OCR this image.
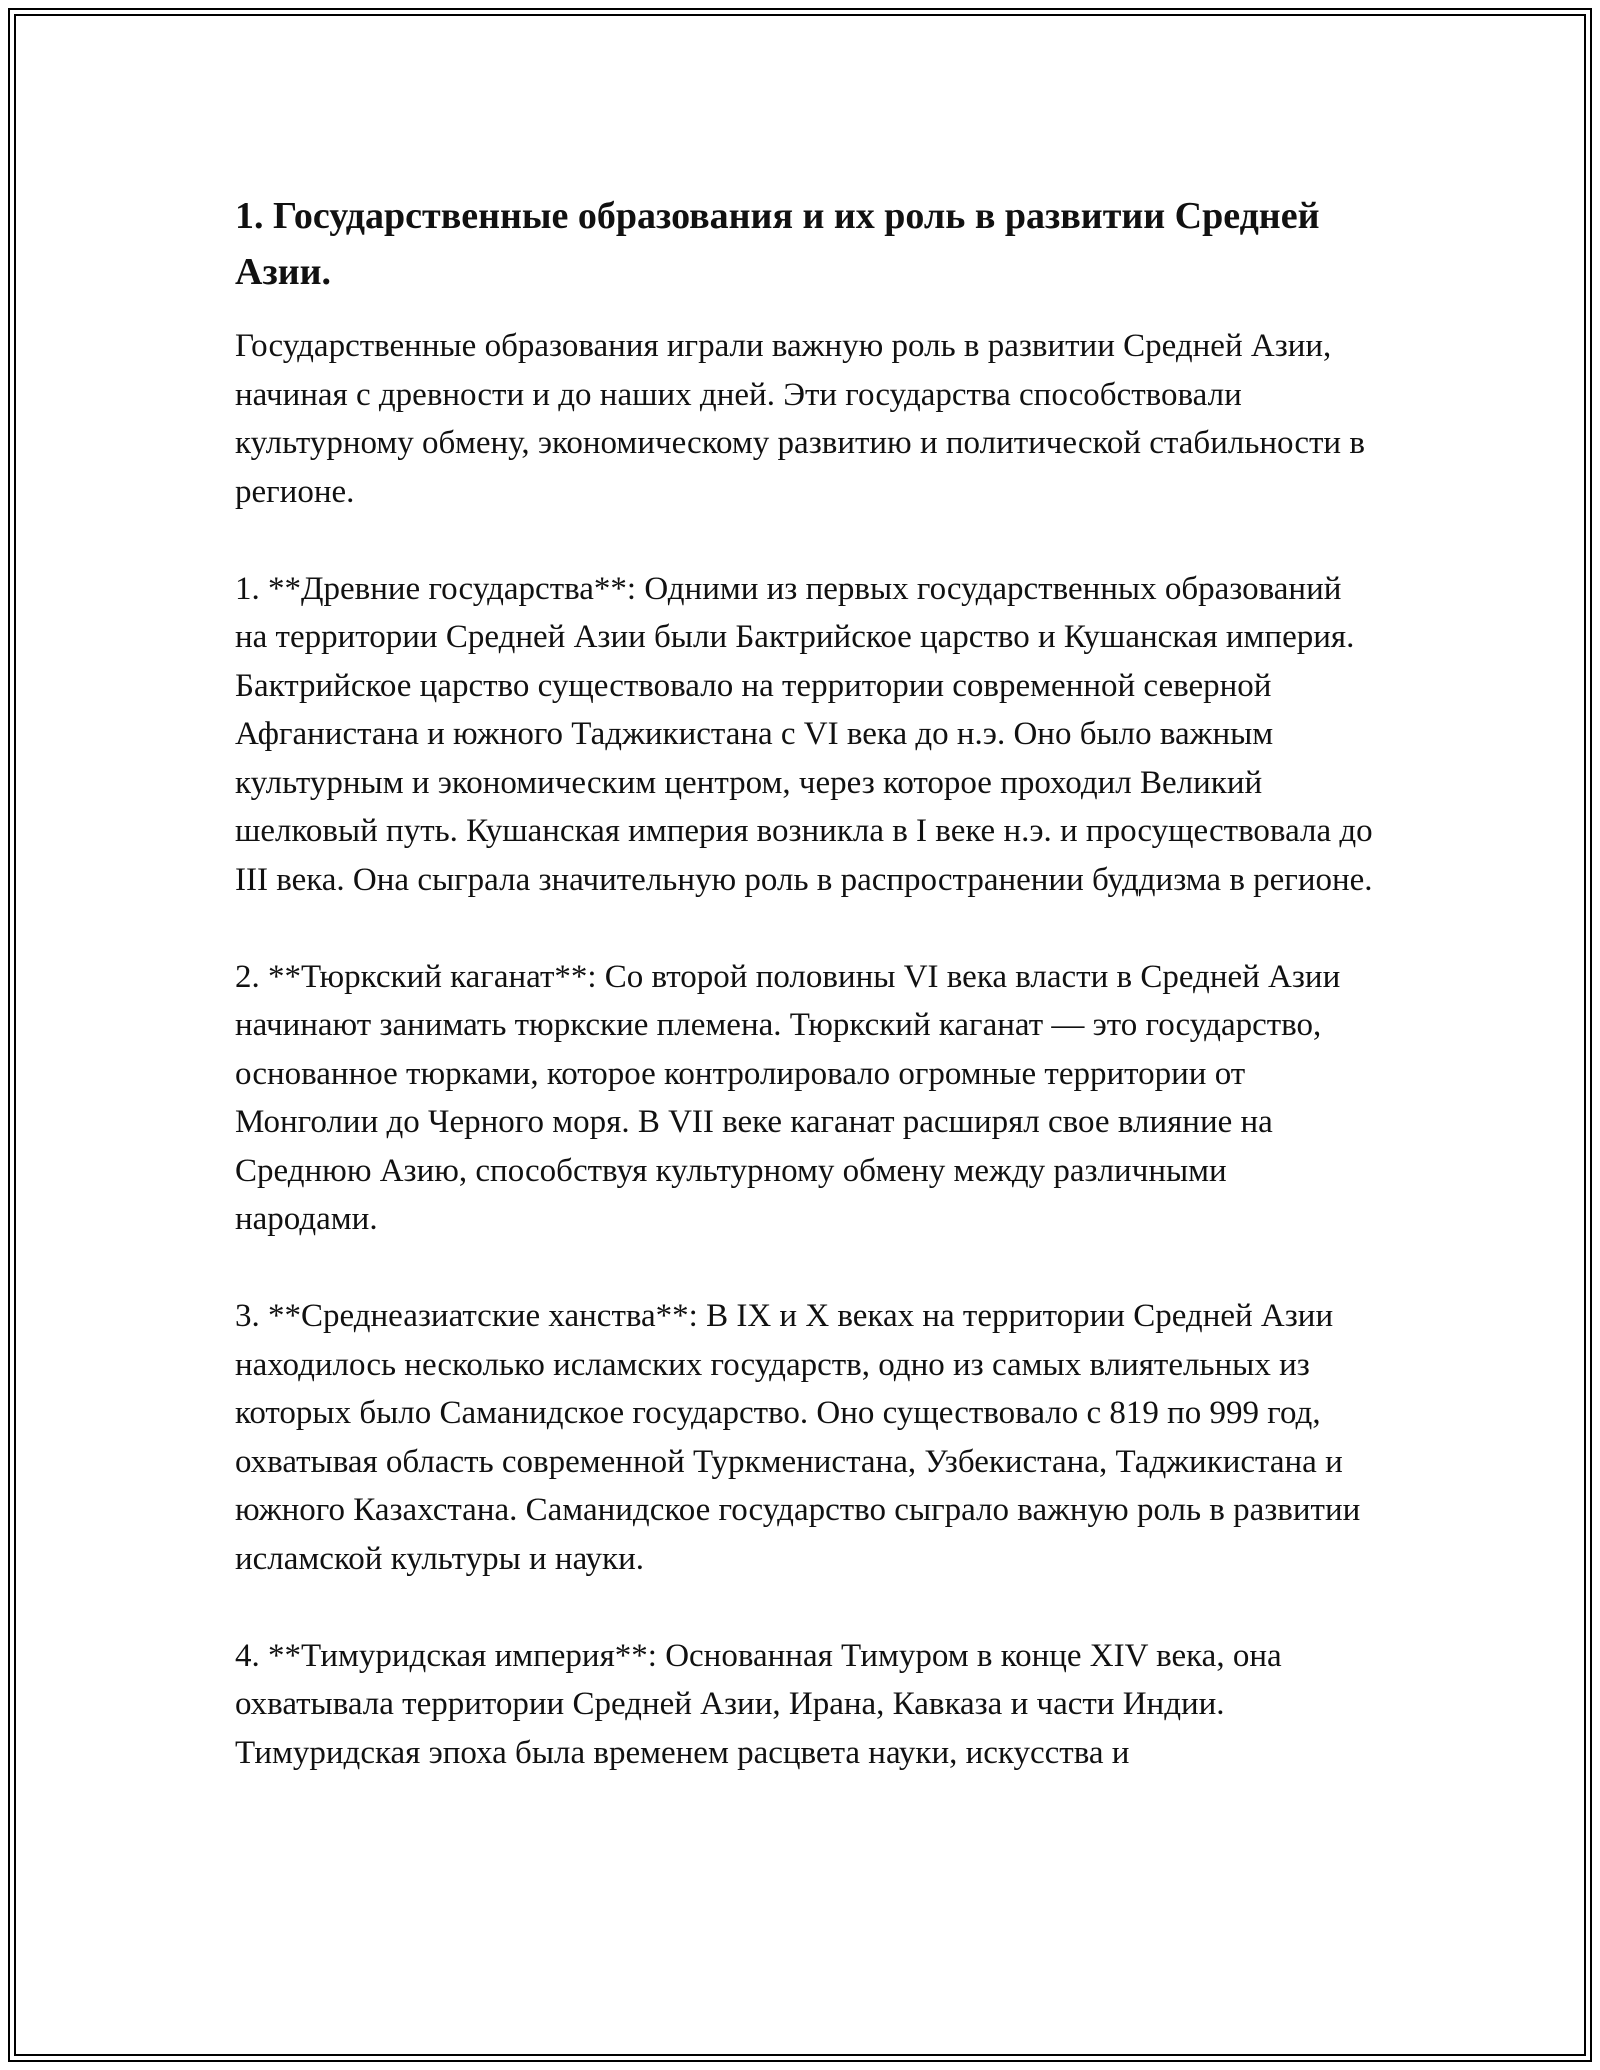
1. Государственные образования и их роль в развитии Средней Азии.

Государственные образования играли важную роль в развитии Средней Азии, начиная с древности и до наших дней. Эти государства способствовали культурному обмену, экономическому развитию и политической стабильности в регионе.

1. **Древние государства**: Одними из первых государственных образований на территории Средней Азии были Бактрийское царство и Кушанская империя. Бактрийское царство существовало на территории современной северной Афганистана и южного Таджикистана с VI века до н.э. Оно было важным культурным и экономическим центром, через которое проходил Великий шелковый путь. Кушанская империя возникла в I веке н.э. и просуществовала до III века. Она сыграла значительную роль в распространении буддизма в регионе.

2. **Тюркский каганат**: Со второй половины VI века власти в Средней Азии начинают занимать тюркские племена. Тюркский каганат — это государство, основанное тюрками, которое контролировало огромные территории от Монголии до Черного моря. В VII веке каганат расширял свое влияние на Среднюю Азию, способствуя культурному обмену между различными народами.

3. **Среднеазиатские ханства**: В IX и X веках на территории Средней Азии находилось несколько исламских государств, одно из самых влиятельных из которых было Саманидское государство. Оно существовало с 819 по 999 год, охватывая область современной Туркменистана, Узбекистана, Таджикистана и южного Казахстана. Саманидское государство сыграло важную роль в развитии исламской культуры и науки.

4. **Тимуридская империя**: Основанная Тимуром в конце XIV века, она охватывала территории Средней Азии, Ирана, Кавказа и части Индии. Тимуридская эпоха была временем расцвета науки, искусства и
